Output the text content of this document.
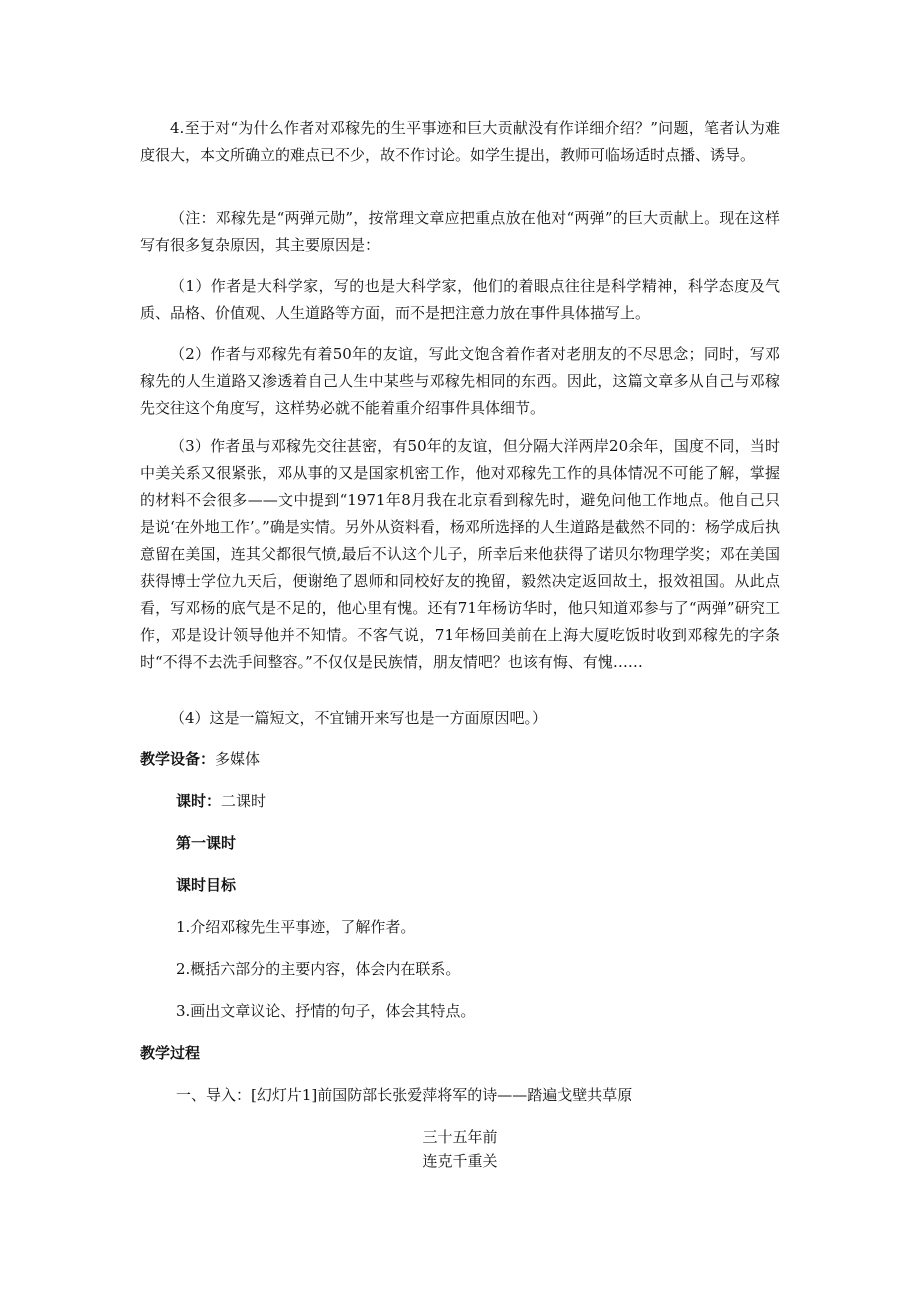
4.至于对“为什么作者对邓稼先的生平事迹和巨大贡献没有作详细介绍？”问题，笔者认为难度很大，本文所确立的难点已不少，故不作讨论。如学生提出，教师可临场适时点播、诱导。

（注：邓稼先是“两弹元勋”，按常理文章应把重点放在他对“两弹”的巨大贡献上。现在这样写有很多复杂原因，其主要原因是：

（1）作者是大科学家，写的也是大科学家，他们的着眼点往往是科学精神，科学态度及气质、品格、价值观、人生道路等方面，而不是把注意力放在事件具体描写上。

（2）作者与邓稼先有着50年的友谊，写此文饱含着作者对老朋友的不尽思念；同时，写邓稼先的人生道路又渗透着自己人生中某些与邓稼先相同的东西。因此，这篇文章多从自己与邓稼先交往这个角度写，这样势必就不能着重介绍事件具体细节。

（3）作者虽与邓稼先交往甚密，有50年的友谊，但分隔大洋两岸20余年，国度不同，当时中美关系又很紧张，邓从事的又是国家机密工作，他对邓稼先工作的具体情况不可能了解，掌握的材料不会很多——文中提到“1971年8月我在北京看到稼先时，避免问他工作地点。他自己只是说‘在外地工作’。”确是实情。另外从资料看，杨邓所选择的人生道路是截然不同的：杨学成后执意留在美国，连其父都很气愤,最后不认这个儿子，所幸后来他获得了诺贝尔物理学奖；邓在美国获得博士学位九天后，便谢绝了恩师和同校好友的挽留，毅然决定返回故土，报效祖国。从此点看，写邓杨的底气是不足的，他心里有愧。还有71年杨访华时，他只知道邓参与了“两弹”研究工作，邓是设计领导他并不知情。不客气说，71年杨回美前在上海大厦吃饭时收到邓稼先的字条时“不得不去洗手间整容。”不仅仅是民族情，朋友情吧？也该有悔、有愧……

（4）这是一篇短文，不宜铺开来写也是一方面原因吧。）

教学设备：多媒体
课时：二课时
第一课时
课时目标
1.介绍邓稼先生平事迹，了解作者。
2.概括六部分的主要内容，体会内在联系。
3.画出文章议论、抒情的句子，体会其特点。
教学过程
一、导入：[幻灯片1]前国防部长张爱萍将军的诗——踏遍戈壁共草原
三十五年前
连克千重关
